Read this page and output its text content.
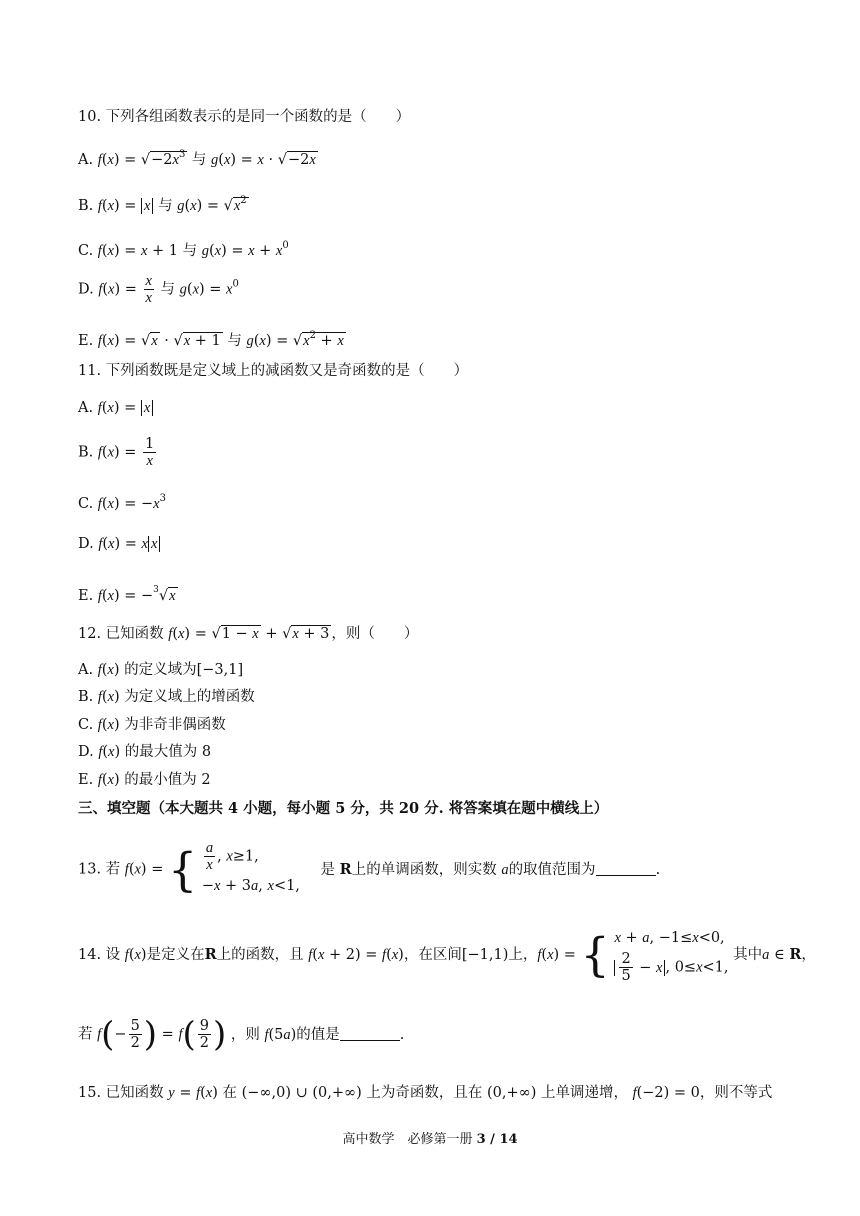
10. 下列各组函数表示的是同一个函数的是（　　）
A. $f(x) = √-2x^3$ 与 g(x) = x · √−2x
B. f(x) = x 与 $g(x) = √x^2$
C. f(x) = x + 1 与 $g(x) = x + x^0$
D. $f(x) = \frac{x}{x}$ 与 $g(x) = x^0$
E. f(x) = √x · √x + 1 与 $g(x) = √x^2 + x$
11. 下列函数既是定义域上的减函数又是奇函数的是（　　）
A. f(x) = x
B. $f(x) = \frac{1}{x}$
C. $f(x) = -x^3$
D. f(x) = x x
E. f(x) = −$^3$√x
12. 已知函数 f(x) = √1 − x + √x + 3 ，则（　　）
A. f(x) 的定义域为[−3,1]
B. f(x) 为定义域上的增函数
C. f(x) 为非奇非偶函数
D. f(x) 的最大值为 8
E. f(x) 的最小值为 2
三、填空题（本大题共 4 小题，每小题 5 分，共 20 分. 将答案填在题中横线上）
13. 若 f(x) = { $\frac{a}{x}$ , x≥1,
−x + 3a, x<1,
是 R上的单调函数，则实数 a的取值范围为	.
14. 设 f(x)是定义在R上的函数，且 f(x + 2) = f(x)，在区间[−1,1)上，f(x) = { x + a, −1≤x<0,
$\frac{2}{5} - x$ , 0≤x<1,
其中a ∈ R，
若 $f(- \frac{5}{2}$ ) = $f( \frac{9}{2}$ ) ，则 f(5a)的值是	.
15. 已知函数 y = f(x) 在 (−∞,0) ∪ (0,+∞) 上为奇函数，且在 (0,+∞) 上单调递增， f(−2) = 0，则不等式
高中数学　必修第一册 3 / 14
